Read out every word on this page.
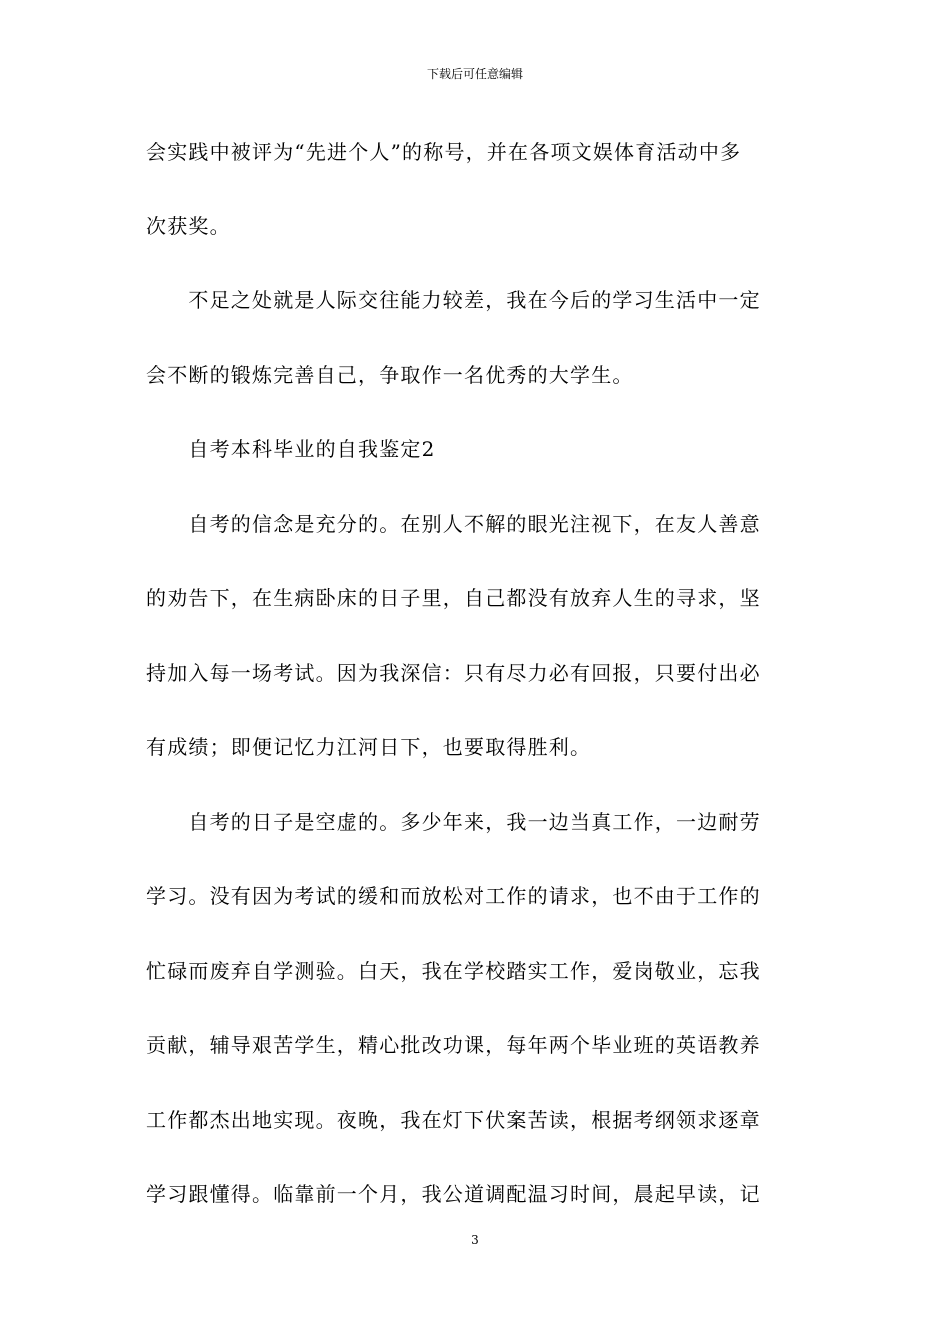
下载后可任意编辑
会实践中被评为“先进个人”的称号，并在各项文娱体育活动中多
次获奖。
　　不足之处就是人际交往能力较差，我在今后的学习生活中一定
会不断的锻炼完善自己，争取作一名优秀的大学生。
　　自考本科毕业的自我鉴定2
　　自考的信念是充分的。在别人不解的眼光注视下，在友人善意
的劝告下，在生病卧床的日子里，自己都没有放弃人生的寻求，坚
持加入每一场考试。因为我深信：只有尽力必有回报，只要付出必
有成绩；即便记忆力江河日下，也要取得胜利。
　　自考的日子是空虚的。多少年来，我一边当真工作，一边耐劳
学习。没有因为考试的缓和而放松对工作的请求，也不由于工作的
忙碌而废弃自学测验。白天，我在学校踏实工作，爱岗敬业，忘我
贡献，辅导艰苦学生，精心批改功课，每年两个毕业班的英语教养
工作都杰出地实现。夜晚，我在灯下伏案苦读，根据考纲领求逐章
学习跟懂得。临靠前一个月，我公道调配温习时间，晨起早读，记
3
